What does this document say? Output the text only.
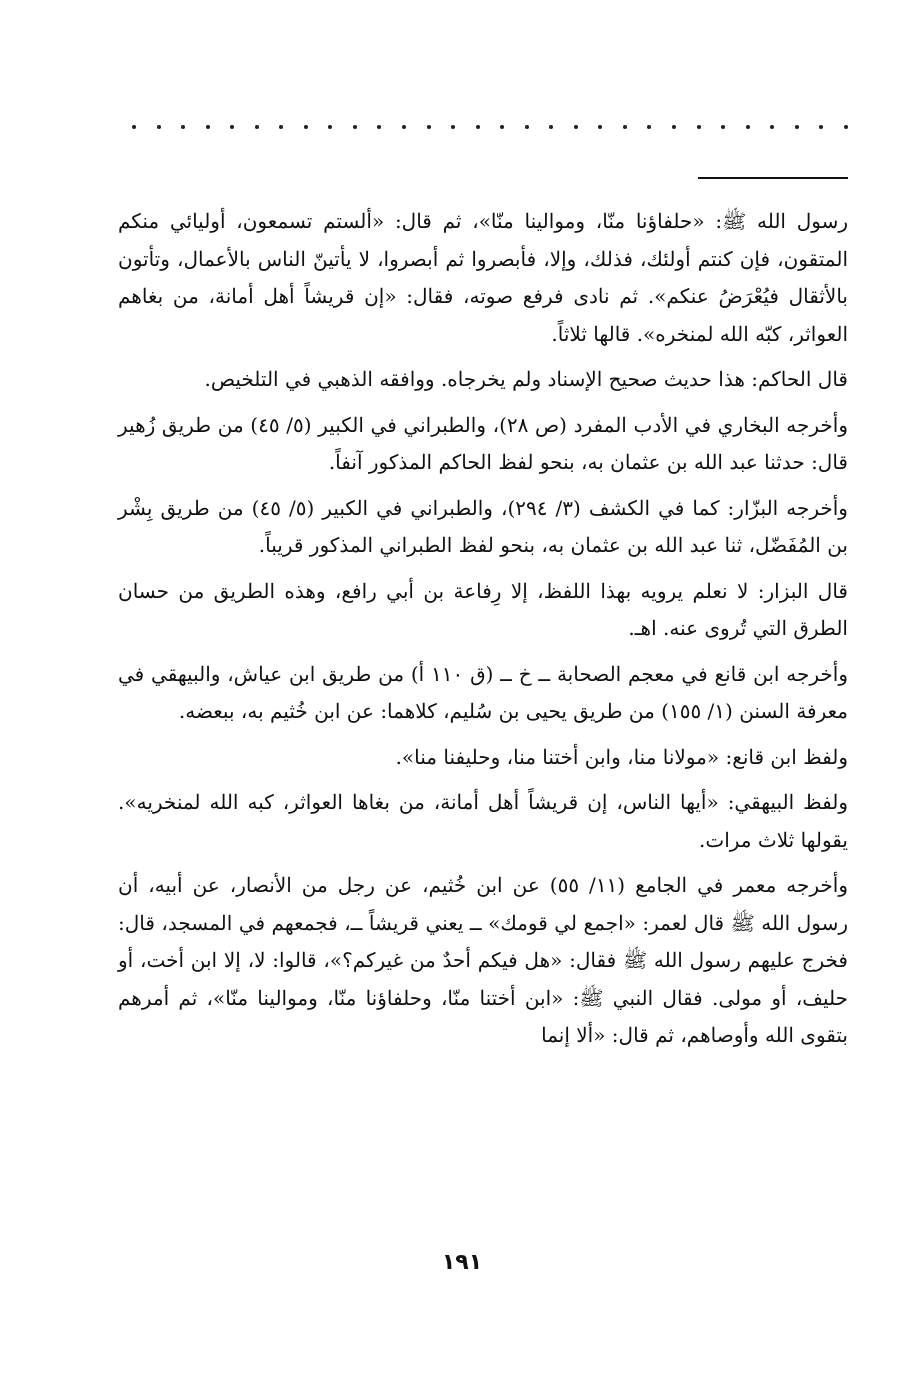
رسول الله ﷺ: «حلفاؤنا منّا، وموالينا منّا»، ثم قال: «ألستم تسمعون، أوليائي منكم المتقون، فإن كنتم أولئك، فذلك، وإلا، فأبصروا ثم أبصروا، لا يأتينّ الناس بالأعمال، وتأتون بالأثقال فيُعْرَضُ عنكم». ثم نادى فرفع صوته، فقال: «إن قريشاً أهل أمانة، من بغاهم العواثر، كبّه الله لمنخره». قالها ثلاثاً.

قال الحاكم: هذا حديث صحيح الإسناد ولم يخرجاه. ووافقه الذهبي في التلخيص.

وأخرجه البخاري في الأدب المفرد (ص ٢٨)، والطبراني في الكبير (٥/ ٤٥) من طريق زُهير قال: حدثنا عبد الله بن عثمان به، بنحو لفظ الحاكم المذكور آنفاً.

وأخرجه البزّار: كما في الكشف (٣/ ٢٩٤)، والطبراني في الكبير (٥/ ٤٥) من طريق بِشْر بن المُفَضّل، ثنا عبد الله بن عثمان به، بنحو لفظ الطبراني المذكور قريباً.

قال البزار: لا نعلم يرويه بهذا اللفظ، إلا رِفاعة بن أبي رافع، وهذه الطريق من حسان الطرق التي تُروى عنه. اهـ.

وأخرجه ابن قانع في معجم الصحابة ــ خ ــ (ق ١١٠ أ) من طريق ابن عياش، والبيهقي في معرفة السنن (١/ ١٥٥) من طريق يحيى بن سُليم، كلاهما: عن ابن خُثيم به، ببعضه.

ولفظ ابن قانع: «مولانا منا، وابن أختنا منا، وحليفنا منا».

ولفظ البيهقي: «أيها الناس، إن قريشاً أهل أمانة، من بغاها العواثر، كبه الله لمنخريه». يقولها ثلاث مرات.

وأخرجه معمر في الجامع (١١/ ٥٥) عن ابن خُثيم، عن رجل من الأنصار، عن أبيه، أن رسول الله ﷺ قال لعمر: «اجمع لي قومك» ــ يعني قريشاً ــ، فجمعهم في المسجد، قال: فخرج عليهم رسول الله ﷺ فقال: «هل فيكم أحدٌ من غيركم؟»، قالوا: لا، إلا ابن أخت، أو حليف، أو مولى. فقال النبي ﷺ: «ابن أختنا منّا، وحلفاؤنا منّا، وموالينا منّا»، ثم أمرهم بتقوى الله وأوصاهم، ثم قال: «ألا إنما

١٩١
